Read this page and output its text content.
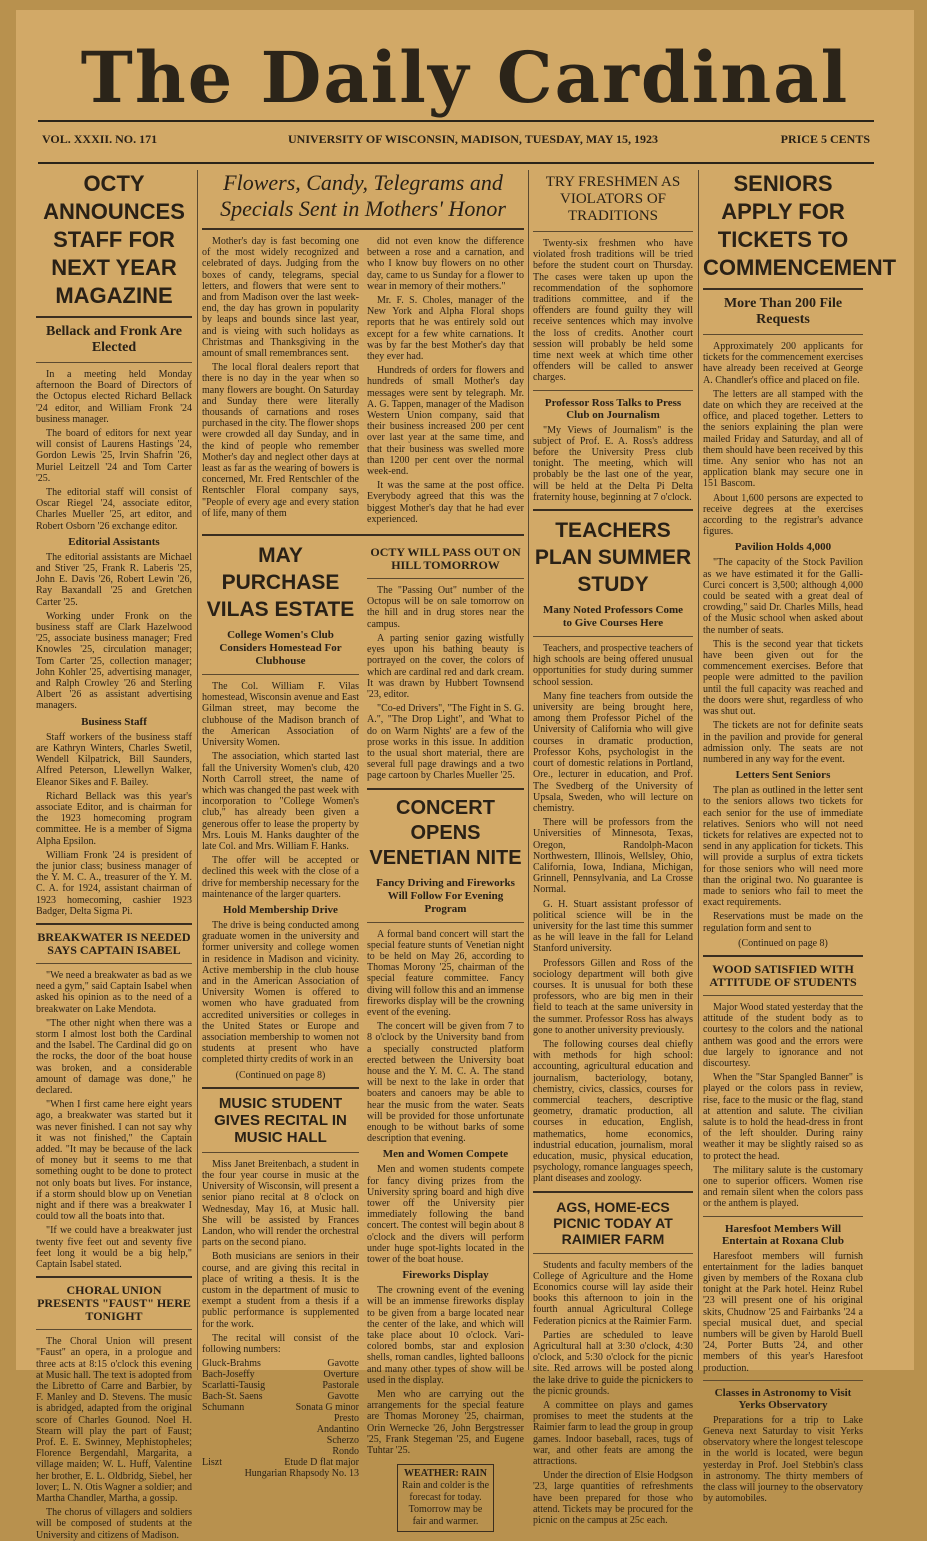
The Daily Cardinal
VOL. XXXII. NO. 171	UNIVERSITY OF WISCONSIN, MADISON, TUESDAY, MAY 15, 1923	PRICE 5 CENTS
OCTY ANNOUNCES STAFF FOR NEXT YEAR MAGAZINE
Bellack and Fronk Are Elected

In a meeting held Monday afternoon the Board of Directors of the Octopus elected Richard Bellack '24 editor, and William Fronk '24 business manager.

The board of editors for next year will consist of Laurens Hastings '24, Gordon Lewis '25, Irvin Shafrin '26, Muriel Leitzell '24 and Tom Carter '25.

The editorial staff will consist of Oscar Riegel '24, associate editor, Charles Mueller '25, art editor, and Robert Osborn '26 exchange editor.

Editorial Assistants

The editorial assistants are Michael and Stiver '25, Frank R. Laberis '25, John E. Davis '26, Robert Lewin '26, Ray Baxandall '25 and Gretchen Carter '25.

Working under Fronk on the business staff are Clark Hazelwood '25, associate business manager; Fred Knowles '25, circulation manager; Tom Carter '25, collection manager; John Kohler '25, advertising manager, and Ralph Crowley '26 and Sterling Albert '26 as assistant advertising managers.

Business Staff

Staff workers of the business staff are Kathryn Winters, Charles Swetil, Wendell Kilpatrick, Bill Saunders, Alfred Peterson, Llewellyn Walker, Eleanor Sikes and F. Bailey.

Richard Bellack was this year's associate Editor, and is chairman for the 1923 homecoming program committee. He is a member of Sigma Alpha Epsilon.

William Fronk '24 is president of the junior class; business manager of the Y. M. C. A., treasurer of the Y. M. C. A. for 1924, assistant chairman of 1923 homecoming, cashier 1923 Badger, Delta Sigma Pi.

BREAKWATER IS NEEDED SAYS CAPTAIN ISABEL

"We need a breakwater as bad as we need a gym," said Captain Isabel when asked his opinion as to the need of a breakwater on Lake Mendota.

"The other night when there was a storm I almost lost both the Cardinal and the Isabel. The Cardinal did go on the rocks, the door of the boat house was broken, and a considerable amount of damage was done," he declared.

"When I first came here eight years ago, a breakwater was started but it was never finished. I can not say why it was not finished," the Captain added. "It may be because of the lack of money but it seems to me that something ought to be done to protect not only boats but lives. For instance, if a storm should blow up on Venetian night and if there was a breakwater I could tow all the boats into that.

"If we could have a breakwater just twenty five feet out and seventy five feet long it would be a big help," Captain Isabel stated.

CHORAL UNION PRESENTS "FAUST" HERE TONIGHT

The Choral Union will present "Faust" an opera, in a prologue and three acts at 8:15 o'clock this evening at Music hall. The text is adopted from the Libretto of Carre and Barbier, by F. Manley and D. Stevens. The music is abridged, adapted from the original score of Charles Gounod. Noel H. Stearn will play the part of Faust; Prof. E. E. Swinney, Mephistopheles; Florence Bergendahl, Margarita, a village maiden; W. L. Huff, Valentine her brother, E. L. Oldbridg, Siebel, her lover; L. N. Otis Wagner a soldier; and Martha Chandler, Martha, a gossip.

The chorus of villagers and soldiers will be composed of students at the University and citizens of Madison.

Flowers, Candy, Telegrams and Specials Sent in Mothers' Honor

Mother's day is fast becoming one of the most widely recognized and celebrated of days. Judging from the boxes of candy, telegrams, special letters, and flowers that were sent to and from Madison over the last week-end, the day has grown in popularity by leaps and bounds since last year, and is vieing with such holidays as Christmas and Thanksgiving in the amount of small remembrances sent.

The local floral dealers report that there is no day in the year when so many flowers are bought. On Saturday and Sunday there were literally thousands of carnations and roses purchased in the city. The flower shops were crowded all day Sunday, and in the kind of people who remember Mother's day and neglect other days at least as far as the wearing of bowers is concerned, Mr. Fred Rentschler of the Rentschler Floral company says, "People of every age and every station of life, many of them

did not even know the difference between a rose and a carnation, and who I know buy flowers on no other day, came to us Sunday for a flower to wear in memory of their mothers."

Mr. F. S. Choles, manager of the New York and Alpha Floral shops reports that he was entirely sold out except for a few white carnations. It was by far the best Mother's day that they ever had.

Hundreds of orders for flowers and hundreds of small Mother's day messages were sent by telegraph. Mr. A. G. Tappen, manager of the Madison Western Union company, said that their business increased 200 per cent over last year at the same time, and that their business was swelled more than 1200 per cent over the normal week-end.

It was the same at the post office. Everybody agreed that this was the biggest Mother's day that he had ever experienced.

MAY PURCHASE VILAS ESTATE
College Women's Club Considers Homestead For Clubhouse

The Col. William F. Vilas homestead, Wisconsin avenue and East Gilman street, may become the clubhouse of the Madison branch of the American Association of University Women.

The association, which started last fall the University Women's club, 420 North Carroll street, the name of which was changed the past week with incorporation to "College Women's club," has already been given a generous offer to lease the property by Mrs. Louis M. Hanks daughter of the late Col. and Mrs. William F. Hanks.

The offer will be accepted or declined this week with the close of a drive for membership necessary for the maintenance of the larger quarters.

Hold Membership Drive

The drive is being conducted among graduate women in the university and former university and college women in residence in Madison and vicinity. Active membership in the club house and in the American Association of University Women is offered to women who have graduated from accredited universities or colleges in the United States or Europe and association membership to women not students at present who have completed thirty credits of work in an

(Continued on page 8)
MUSIC STUDENT GIVES RECITAL IN MUSIC HALL

Miss Janet Breitenbach, a student in the four year course in music at the University of Wisconsin, will present a senior piano recital at 8 o'clock on Wednesday, May 16, at Music hall. She will be assisted by Frances Landon, who will render the orchestral parts on the second piano.

Both musicians are seniors in their course, and are giving this recital in place of writing a thesis. It is the custom in the department of music to exempt a student from a thesis if a public performance is supplemented for the work.

The recital will consist of the following numbers:

Gluck-Brahms	Gavotte
Bach-Joseffy	Overture
Scarlatti-Tausig	Pastorale
Bach-St. Saens	Gavotte
Schumann	Sonata G minor
Presto
Andantino
Scherzo
Rondo
Liszt	Etude D flat major
Hungarian Rhapsody No. 13
OCTY WILL PASS OUT ON HILL TOMORROW

The "Passing Out" number of the Octopus will be on sale tomorrow on the hill and in drug stores near the campus.

A parting senior gazing wistfully eyes upon his bathing beauty is portrayed on the cover, the colors of which are cardinal red and dark cream. It was drawn by Hubbert Townsend '23, editor.

"Co-ed Drivers", "The Fight in S. G. A.", "The Drop Light", and 'What to do on Warm Nights' are a few of the prose works in this issue. In addition to the usual short material, there are several full page drawings and a two page cartoon by Charles Mueller '25.

CONCERT OPENS VENETIAN NITE
Fancy Driving and Fireworks Will Follow For Evening Program

A formal band concert will start the special feature stunts of Venetian night to be held on May 26, according to Thomas Morony '25, chairman of the special feature committee. Fancy diving will follow this and an immense fireworks display will be the crowning event of the evening.

The concert will be given from 7 to 8 o'clock by the University band from a specially constructed platform erected between the University boat house and the Y. M. C. A. The stand will be next to the lake in order that boaters and canoers may be able to hear the music from the water. Seats will be provided for those unfortunate enough to be without barks of some description that evening.

Men and Women Compete

Men and women students compete for fancy diving prizes from the University spring board and high dive tower off the University pier immediately following the band concert. The contest will begin about 8 o'clock and the divers will perform under huge spot-lights located in the tower of the boat house.

Fireworks Display

The crowning event of the evening will be an immense fireworks display to be given from a barge located near the center of the lake, and which will take place about 10 o'clock. Vari-colored bombs, star and explosion shells, roman candles, lighted balloons and many other types of show will be used in the display.

Men who are carrying out the arrangements for the special feature are Thomas Moroney '25, chairman, Orin Wernecke '26, John Bergstresser '25, Frank Stegeman '25, and Eugene Tuhtar '25.

WEATHER: RAIN
Rain and colder is the forecast for today. Tomorrow may be fair and warmer.
TRY FRESHMEN AS VIOLATORS OF TRADITIONS

Twenty-six freshmen who have violated frosh traditions will be tried before the student court on Thursday. The cases were taken up upon the recommendation of the sophomore traditions committee, and if the offenders are found guilty they will receive sentences which may involve the loss of credits. Another court session will probably be held some time next week at which time other offenders will be called to answer charges.

Professor Ross Talks to Press Club on Journalism

"My Views of Journalism" is the subject of Prof. E. A. Ross's address before the University Press club tonight. The meeting, which will probably be the last one of the year, will be held at the Delta Pi Delta fraternity house, beginning at 7 o'clock.

TEACHERS PLAN SUMMER STUDY
Many Noted Professors Come to Give Courses Here

Teachers, and prospective teachers of high schools are being offered unusual opportunities for study during summer school session.

Many fine teachers from outside the university are being brought here, among them Professor Pichel of the University of California who will give courses in dramatic production, Professor Kohs, psychologist in the court of domestic relations in Portland, Ore., lecturer in education, and Prof. The Svedberg of the University of Upsala, Sweden, who will lecture on chemistry.

There will be professors from the Universities of Minnesota, Texas, Oregon, Randolph-Macon Northwestern, Illinois, Wellsley, Ohio, California, Iowa, Indiana, Michigan, Grinnell, Pennsylvania, and La Crosse Normal.

G. H. Stuart assistant professor of political science will be in the university for the last time this summer as he will leave in the fall for Leland Stanford university.

Professors Gillen and Ross of the sociology department will both give courses. It is unusual for both these professors, who are big men in their field to teach at the same university in the summer. Professor Ross has always gone to another university previously.

The following courses deal chiefly with methods for high school: accounting, agricultural education and journalism, bacteriology, botany, chemistry, civics, classics, courses for commercial teachers, descriptive geometry, dramatic production, all courses in education, English, mathematics, home economics, industrial education, journalism, moral education, music, physical education, psychology, romance languages speech, plant diseases and zoology.

AGS, HOME-ECS PICNIC TODAY AT RAIMIER FARM

Students and faculty members of the College of Agriculture and the Home Economics course will lay aside their books this afternoon to join in the fourth annual Agricultural College Federation picnics at the Raimier Farm.

Parties are scheduled to leave Agricultural hall at 3:30 o'clock, 4:30 o'clock, and 5:30 o'clock for the picnic site. Red arrows will be posted along the lake drive to guide the picnickers to the picnic grounds.

A committee on plays and games promises to meet the students at the Raimier farm to lead the group in group games. Indoor baseball, races, tugs of war, and other feats are among the attractions.

Under the direction of Elsie Hodgson '23, large quantities of refreshments have been prepared for those who attend. Tickets may be procured for the picnic on the campus at 25c each.

SENIORS APPLY FOR TICKETS TO COMMENCEMENT
More Than 200 File Requests

Approximately 200 applicants for tickets for the commencement exercises have already been received at George A. Chandler's office and placed on file.

The letters are all stamped with the date on which they are received at the office, and placed together. Letters to the seniors explaining the plan were mailed Friday and Saturday, and all of them should have been received by this time. Any senior who has not an application blank may secure one in 151 Bascom.

About 1,600 persons are expected to receive degrees at the exercises according to the registrar's advance figures.

Pavilion Holds 4,000

"The capacity of the Stock Pavilion as we have estimated it for the Galli-Curci concert is 3,500; although 4,000 could be seated with a great deal of crowding," said Dr. Charles Mills, head of the Music school when asked about the number of seats.

This is the second year that tickets have been given out for the commencement exercises. Before that people were admitted to the pavilion until the full capacity was reached and the doors were shut, regardless of who was shut out.

The tickets are not for definite seats in the pavilion and provide for general admission only. The seats are not numbered in any way for the event.

Letters Sent Seniors

The plan as outlined in the letter sent to the seniors allows two tickets for each senior for the use of immediate relatives. Seniors who will not need tickets for relatives are expected not to send in any application for tickets. This will provide a surplus of extra tickets for those seniors who will need more than the original two. No guarantee is made to seniors who fail to meet the exact requirements.

Reservations must be made on the regulation form and sent to

(Continued on page 8)
WOOD SATISFIED WITH ATTITUDE OF STUDENTS

Major Wood stated yesterday that the attitude of the student body as to courtesy to the colors and the national anthem was good and the errors were due largely to ignorance and not discourtesy.

When the "Star Spangled Banner" is played or the colors pass in review, rise, face to the music or the flag, stand at attention and salute. The civilian salute is to hold the head-dress in front of the left shoulder. During rainy weather it may be slightly raised so as to protect the head.

The military salute is the customary one to superior officers. Women rise and remain silent when the colors pass or the anthem is played.

Haresfoot Members Will Entertain at Roxana Club

Haresfoot members will furnish entertainment for the ladies banquet given by members of the Roxana club tonight at the Park hotel. Heinz Rubel '23 will present one of his original skits, Chudnow '25 and Fairbanks '24 a special musical duet, and special numbers will be given by Harold Buell '24, Porter Butts '24, and other members of this year's Haresfoot production.

Classes in Astronomy to Visit Yerks Observatory

Preparations for a trip to Lake Geneva next Saturday to visit Yerks observatory where the longest telescope in the world is located, were begun yesterday in Prof. Joel Stebbin's class in astronomy. The thirty members of the class will journey to the observatory by automobiles.
